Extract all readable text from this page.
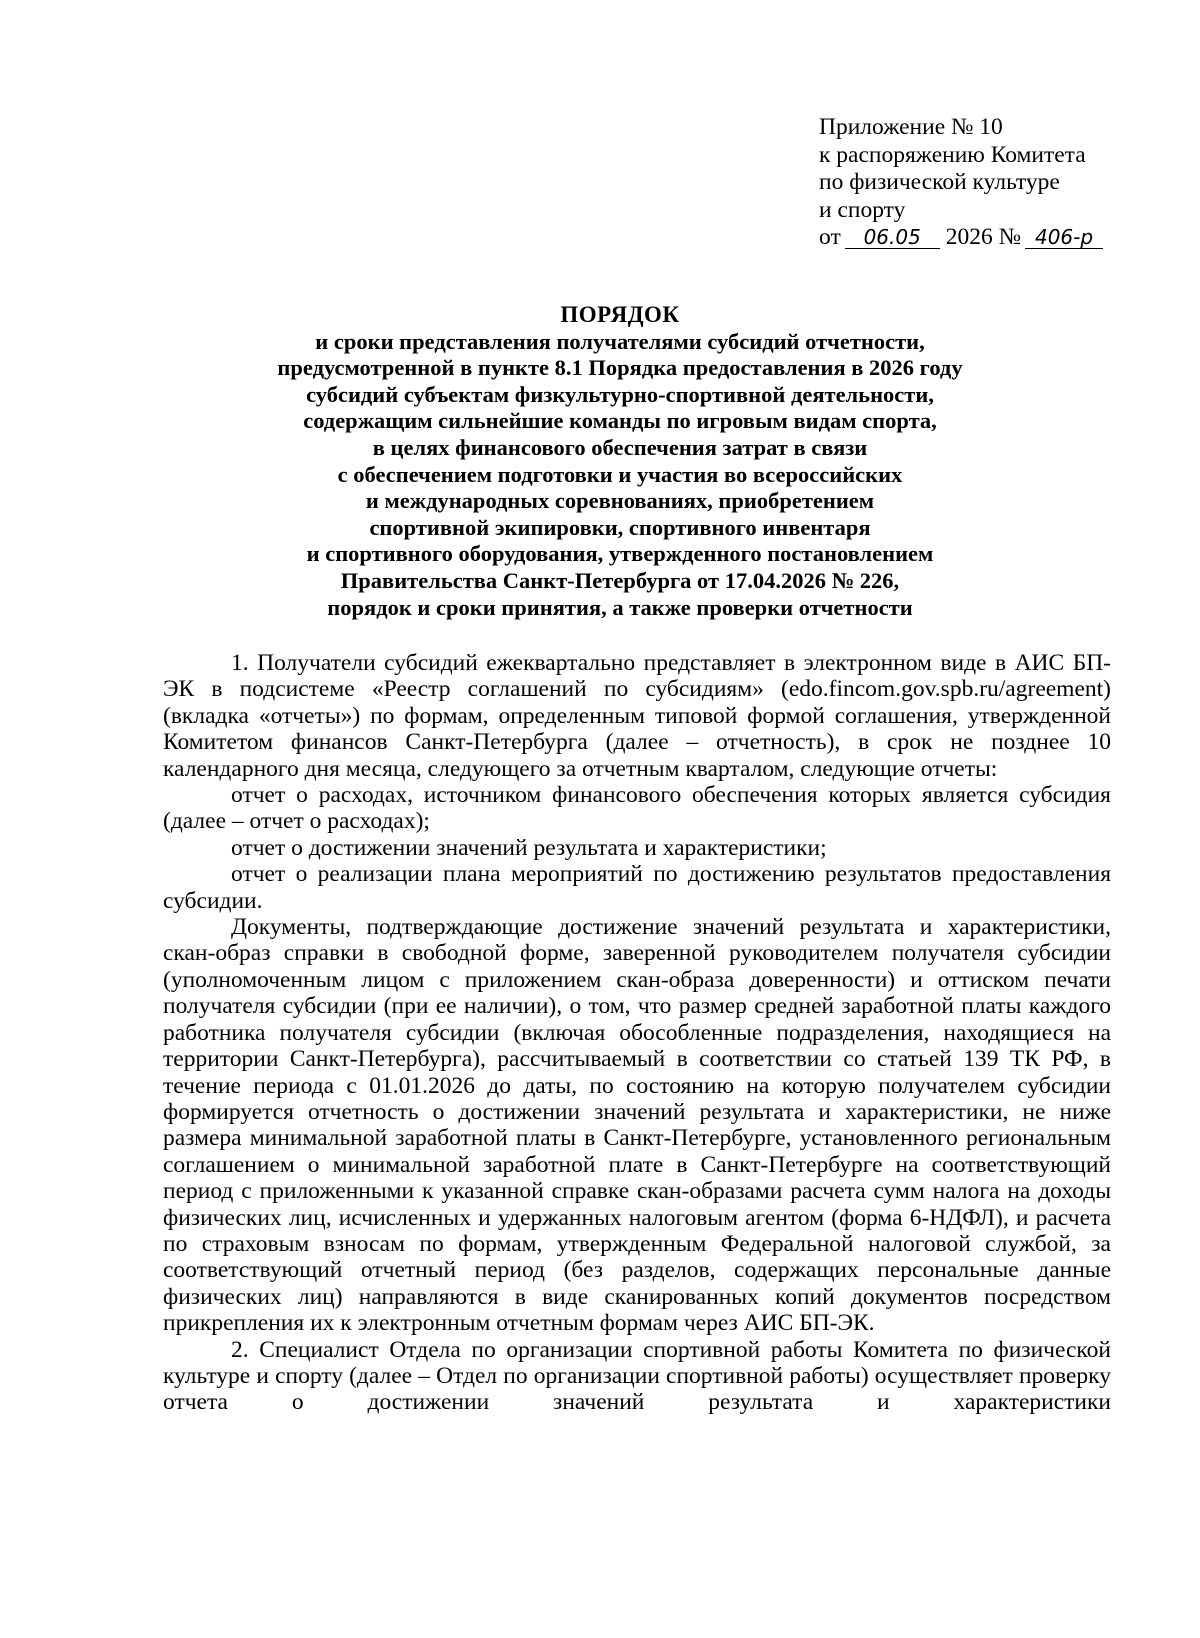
Приложение № 10
к распоряжению Комитета
по физической культуре
и спорту
от 06.05 2026 № 406-р
ПОРЯДОК
и сроки представления получателями субсидий отчетности,
предусмотренной в пункте 8.1 Порядка предоставления в 2026 году
субсидий субъектам физкультурно-спортивной деятельности,
содержащим сильнейшие команды по игровым видам спорта,
в целях финансового обеспечения затрат в связи
с обеспечением подготовки и участия во всероссийских
и международных соревнованиях, приобретением
спортивной экипировки, спортивного инвентаря
и спортивного оборудования, утвержденного постановлением
Правительства Санкт-Петербурга от 17.04.2026 № 226,
порядок и сроки принятия, а также проверки отчетности

1. Получатели субсидий ежеквартально представляет в электронном виде в АИС БП-ЭК в подсистеме «Реестр соглашений по субсидиям» (edo.fincom.gov.spb.ru/agreement) (вкладка «отчеты») по формам, определенным типовой формой соглашения, утвержденной Комитетом финансов Санкт-Петербурга (далее – отчетность), в срок не позднее 10 календарного дня месяца, следующего за отчетным кварталом, следующие отчеты:

отчет о расходах, источником финансового обеспечения которых является субсидия (далее – отчет о расходах);

отчет о достижении значений результата и характеристики;

отчет о реализации плана мероприятий по достижению результатов предоставления субсидии.

Документы, подтверждающие достижение значений результата и характеристики, скан-образ справки в свободной форме, заверенной руководителем получателя субсидии (уполномоченным лицом с приложением скан-образа доверенности) и оттиском печати получателя субсидии (при ее наличии), о том, что размер средней заработной платы каждого работника получателя субсидии (включая обособленные подразделения, находящиеся на территории Санкт-Петербурга), рассчитываемый в соответствии со статьей 139 ТК РФ, в течение периода с 01.01.2026 до даты, по состоянию на которую получателем субсидии формируется отчетность о достижении значений результата и характеристики, не ниже размера минимальной заработной платы в Санкт-Петербурге, установленного региональным соглашением о минимальной заработной плате в Санкт-Петербурге на соответствующий период с приложенными к указанной справке скан-образами расчета сумм налога на доходы физических лиц, исчисленных и удержанных налоговым агентом (форма 6-НДФЛ), и расчета по страховым взносам по формам, утвержденным Федеральной налоговой службой, за соответствующий отчетный период (без разделов, содержащих персональные данные физических лиц) направляются в виде сканированных копий документов посредством прикрепления их к электронным отчетным формам через АИС БП-ЭК.

2. Специалист Отдела по организации спортивной работы Комитета по физической культуре и спорту (далее – Отдел по организации спортивной работы) осуществляет проверку отчета о достижении значений результата и характеристики
